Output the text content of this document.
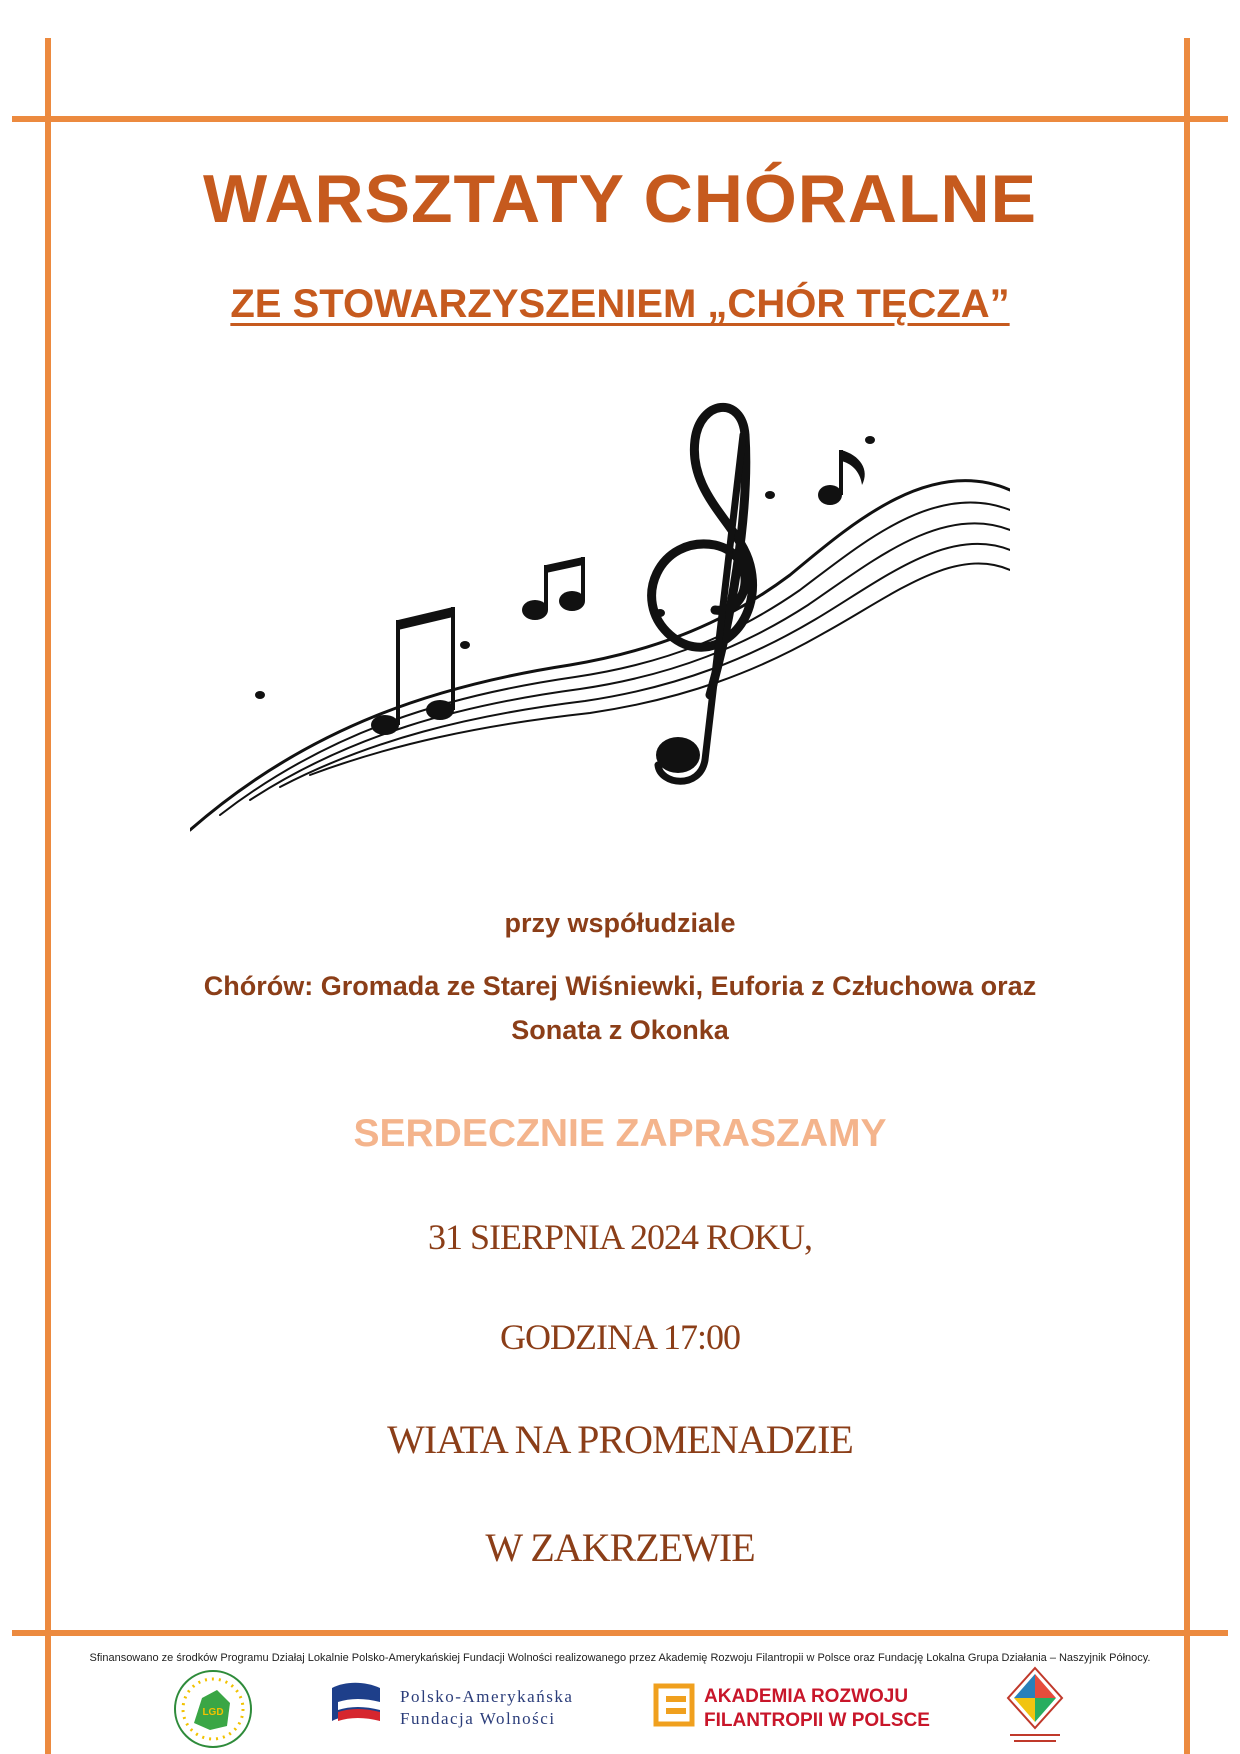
WARSZTATY CHÓRALNE
ZE STOWARZYSZENIEM „CHÓR TĘCZA”
przy współudziale
Chórów: Gromada ze Starej Wiśniewki, Euforia z Człuchowa oraz
Sonata z Okonka
SERDECZNIE ZAPRASZAMY
31 SIERPNIA 2024 ROKU,
GODZINA 17:00
WIATA NA PROMENADZIE
W ZAKRZEWIE
Sfinansowano ze środków Programu Działaj Lokalnie Polsko-Amerykańskiej Fundacji Wolności realizowanego przez Akademię Rozwoju Filantropii w Polsce oraz Fundację Lokalna Grupa Działania – Naszyjnik Północy.
LGD
Polsko-Amerykańska
Fundacja Wolności
AKADEMIA ROZWOJU
FILANTROPII W POLSCE
